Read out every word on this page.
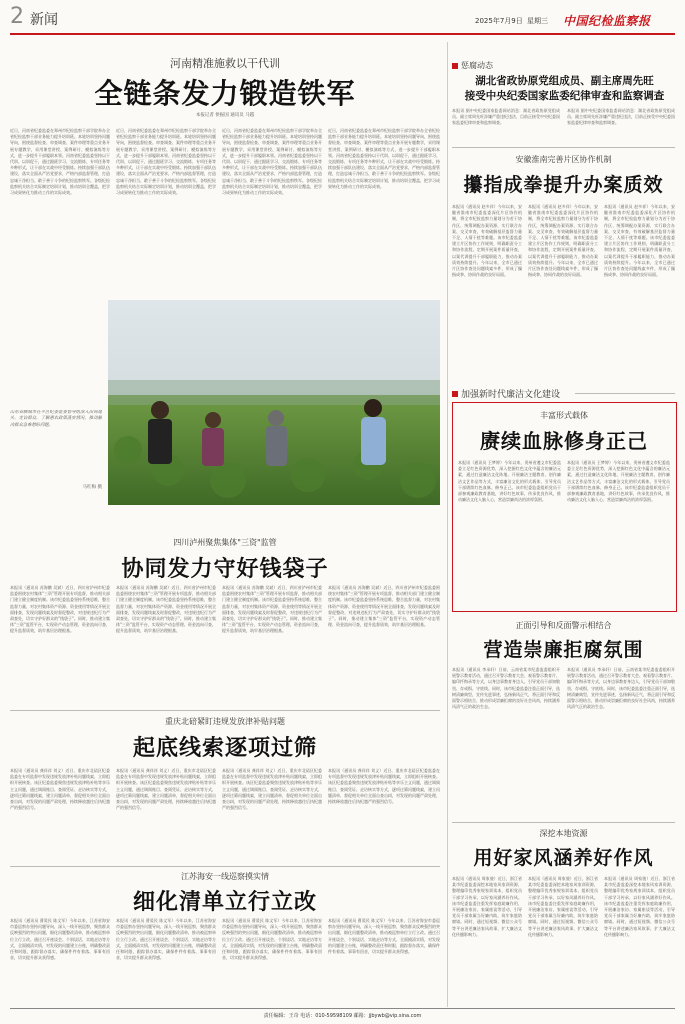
2 新闻	2025年7月9日 星期三 中国纪检监察报
河南精准施救以干代训
全链条发力锻造铁军
本报记者 侯振国 通讯员 马越
近日，河南省纪委监委在郑州市纪检监察干部学院举办全省纪检监察干部业务能力提升培训班。本轮培训坚持问题导向，围绕监督检查、审查调查、案件审理等重点业务开展专题教学，采用课堂讲授、案例研讨、模拟演练等方式，进一步提升干部履职本领。河南省纪委监委坚持以干代训、以训促干，通过跟班学习、交流锻炼、专项任务等多种形式，让干部在实战中经受锻炼。持续加强干部队伍建设，落实全面从严治党要求，严格内部监督管理，打造忠诚干净担当、敢于善于斗争的纪检监察铁军。各级纪检监察机关结合实际制定培训计划，推动培训全覆盖，把学习成果转化为推动工作的实际成效。
近日，河南省纪委监委在郑州市纪检监察干部学院举办全省纪检监察干部业务能力提升培训班。本轮培训坚持问题导向，围绕监督检查、审查调查、案件审理等重点业务开展专题教学，采用课堂讲授、案例研讨、模拟演练等方式，进一步提升干部履职本领。河南省纪委监委坚持以干代训、以训促干，通过跟班学习、交流锻炼、专项任务等多种形式，让干部在实战中经受锻炼。持续加强干部队伍建设，落实全面从严治党要求，严格内部监督管理，打造忠诚干净担当、敢于善于斗争的纪检监察铁军。各级纪检监察机关结合实际制定培训计划，推动培训全覆盖，把学习成果转化为推动工作的实际成效。
近日，河南省纪委监委在郑州市纪检监察干部学院举办全省纪检监察干部业务能力提升培训班。本轮培训坚持问题导向，围绕监督检查、审查调查、案件审理等重点业务开展专题教学，采用课堂讲授、案例研讨、模拟演练等方式，进一步提升干部履职本领。河南省纪委监委坚持以干代训、以训促干，通过跟班学习、交流锻炼、专项任务等多种形式，让干部在实战中经受锻炼。持续加强干部队伍建设，落实全面从严治党要求，严格内部监督管理，打造忠诚干净担当、敢于善于斗争的纪检监察铁军。各级纪检监察机关结合实际制定培训计划，推动培训全覆盖，把学习成果转化为推动工作的实际成效。
近日，河南省纪委监委在郑州市纪检监察干部学院举办全省纪检监察干部业务能力提升培训班。本轮培训坚持问题导向，围绕监督检查、审查调查、案件审理等重点业务开展专题教学，采用课堂讲授、案例研讨、模拟演练等方式，进一步提升干部履职本领。河南省纪委监委坚持以干代训、以训促干，通过跟班学习、交流锻炼、专项任务等多种形式，让干部在实战中经受锻炼。持续加强干部队伍建设，落实全面从严治党要求，严格内部监督管理，打造忠诚干净担当、敢于善于斗争的纪检监察铁军。各级纪检监察机关结合实际制定培训计划，推动培训全覆盖，把学习成果转化为推动工作的实际成效。
山东省聊城市茌平区纪委监委督导组深入田间地头，走访群众，了解惠农政策落实情况，推动解决群众急难愁盼问题。
马红梅 摄
四川泸州聚焦集体"三资"监管
协同发力守好钱袋子
本报讯（通讯员 苏海鹏 吴斌）近日，四川省泸州市纪委监委围绕农村集体"三资"管理开展专项监督，推动相关部门建立健全制度机制。该市纪委监委坚持系统思维，整合监督力量，对农村集体资产资源、资金使用等情况开展全面排查，发现问题线索及时督促整改，对违规违纪行为严肃查处，切实守护好群众的"钱袋子"。同时，推动建立集体"三资"监管平台，实现资产动态管理、资金流向可查，提升监督质效，筑牢基层治理根基。
本报讯（通讯员 苏海鹏 吴斌）近日，四川省泸州市纪委监委围绕农村集体"三资"管理开展专项监督，推动相关部门建立健全制度机制。该市纪委监委坚持系统思维，整合监督力量，对农村集体资产资源、资金使用等情况开展全面排查，发现问题线索及时督促整改，对违规违纪行为严肃查处，切实守护好群众的"钱袋子"。同时，推动建立集体"三资"监管平台，实现资产动态管理、资金流向可查，提升监督质效，筑牢基层治理根基。
本报讯（通讯员 苏海鹏 吴斌）近日，四川省泸州市纪委监委围绕农村集体"三资"管理开展专项监督，推动相关部门建立健全制度机制。该市纪委监委坚持系统思维，整合监督力量，对农村集体资产资源、资金使用等情况开展全面排查，发现问题线索及时督促整改，对违规违纪行为严肃查处，切实守护好群众的"钱袋子"。同时，推动建立集体"三资"监管平台，实现资产动态管理、资金流向可查，提升监督质效，筑牢基层治理根基。
本报讯（通讯员 苏海鹏 吴斌）近日，四川省泸州市纪委监委围绕农村集体"三资"管理开展专项监督，推动相关部门建立健全制度机制。该市纪委监委坚持系统思维，整合监督力量，对农村集体资产资源、资金使用等情况开展全面排查，发现问题线索及时督促整改，对违规违纪行为严肃查处，切实守护好群众的"钱袋子"。同时，推动建立集体"三资"监管平台，实现资产动态管理、资金流向可查，提升监督质效，筑牢基层治理根基。
重庆北碚紧盯违规发放津补贴问题
起底线索逐项过筛
本报讯（通讯员 龚祥祥 刘义）近日，重庆市北碚区纪委监委在专项监督中发现违规发放津补贴问题线索，立即组织开展核查。该区纪委监委聚焦违规发放津贴补贴等享乐主义问题，通过调阅账目、查阅凭证、走访核实等方式，逐项过筛问题线索，建立问题清单，督促相关单位全面自查自纠，对发现的问题严肃处理，持续释放越往后执纪越严的强烈信号。
本报讯（通讯员 龚祥祥 刘义）近日，重庆市北碚区纪委监委在专项监督中发现违规发放津补贴问题线索，立即组织开展核查。该区纪委监委聚焦违规发放津贴补贴等享乐主义问题，通过调阅账目、查阅凭证、走访核实等方式，逐项过筛问题线索，建立问题清单，督促相关单位全面自查自纠，对发现的问题严肃处理，持续释放越往后执纪越严的强烈信号。
本报讯（通讯员 龚祥祥 刘义）近日，重庆市北碚区纪委监委在专项监督中发现违规发放津补贴问题线索，立即组织开展核查。该区纪委监委聚焦违规发放津贴补贴等享乐主义问题，通过调阅账目、查阅凭证、走访核实等方式，逐项过筛问题线索，建立问题清单，督促相关单位全面自查自纠，对发现的问题严肃处理，持续释放越往后执纪越严的强烈信号。
本报讯（通讯员 龚祥祥 刘义）近日，重庆市北碚区纪委监委在专项监督中发现违规发放津补贴问题线索，立即组织开展核查。该区纪委监委聚焦违规发放津贴补贴等享乐主义问题，通过调阅账目、查阅凭证、走访核实等方式，逐项过筛问题线索，建立问题清单，督促相关单位全面自查自纠，对发现的问题严肃处理，持续释放越往后执纪越严的强烈信号。
江苏海安一线巡察摸实情
细化清单立行立改
本报讯（通讯员 曹爱民 陈文军）今年以来，江苏省海安市委巡察办坚持问题导向，深入一线开展巡察，聚焦群众反映强烈的突出问题，细化问题整改清单，推动被巡察单位立行立改。通过召开座谈会、个别谈话、实地走访等方式，全面摸清实情，对发现的问题建立台账，明确整改责任和时限，跟踪督办落实，确保件件有着落、事事有回音，切实提升群众获得感。
本报讯（通讯员 曹爱民 陈文军）今年以来，江苏省海安市委巡察办坚持问题导向，深入一线开展巡察，聚焦群众反映强烈的突出问题，细化问题整改清单，推动被巡察单位立行立改。通过召开座谈会、个别谈话、实地走访等方式，全面摸清实情，对发现的问题建立台账，明确整改责任和时限，跟踪督办落实，确保件件有着落、事事有回音，切实提升群众获得感。
本报讯（通讯员 曹爱民 陈文军）今年以来，江苏省海安市委巡察办坚持问题导向，深入一线开展巡察，聚焦群众反映强烈的突出问题，细化问题整改清单，推动被巡察单位立行立改。通过召开座谈会、个别谈话、实地走访等方式，全面摸清实情，对发现的问题建立台账，明确整改责任和时限，跟踪督办落实，确保件件有着落、事事有回音，切实提升群众获得感。
本报讯（通讯员 曹爱民 陈文军）今年以来，江苏省海安市委巡察办坚持问题导向，深入一线开展巡察，聚焦群众反映强烈的突出问题，细化问题整改清单，推动被巡察单位立行立改。通过召开座谈会、个别谈话、实地走访等方式，全面摸清实情，对发现的问题建立台账，明确整改责任和时限，跟踪督办落实，确保件件有着落、事事有回音，切实提升群众获得感。
惩腐动态
湖北省政协原党组成员、副主席周先旺
接受中央纪委国家监委纪律审查和监察调查
本报讯 据中央纪委国家监委网站消息：湖北省政协原党组成员、副主席周先旺涉嫌严重违纪违法，目前正接受中央纪委国家监委纪律审查和监察调查。
本报讯 据中央纪委国家监委网站消息：湖北省政协原党组成员、副主席周先旺涉嫌严重违纪违法，目前正接受中央纪委国家监委纪律审查和监察调查。
安徽淮南完善片区协作机制
攥指成拳提升办案质效
本报讯（通讯员 赵多祥）今年以来，安徽省淮南市纪委监委深化片区协作机制，将全市纪检监察力量划分为若干协作区，统筹调配办案资源，实行联合办案、交叉审查，有效破解基层监督力量不足、人情干扰等难题。该市纪委监委建立片区协作工作规则，明确职责分工和协作流程，定期开展案件质量评查，以案代训提升干部履职能力，推动办案质效持续提升。今年以来，全市已通过片区协作查处问题线索多件，形成了攥指成拳、协同作战的良好局面。
本报讯（通讯员 赵多祥）今年以来，安徽省淮南市纪委监委深化片区协作机制，将全市纪检监察力量划分为若干协作区，统筹调配办案资源，实行联合办案、交叉审查，有效破解基层监督力量不足、人情干扰等难题。该市纪委监委建立片区协作工作规则，明确职责分工和协作流程，定期开展案件质量评查，以案代训提升干部履职能力，推动办案质效持续提升。今年以来，全市已通过片区协作查处问题线索多件，形成了攥指成拳、协同作战的良好局面。
本报讯（通讯员 赵多祥）今年以来，安徽省淮南市纪委监委深化片区协作机制，将全市纪检监察力量划分为若干协作区，统筹调配办案资源，实行联合办案、交叉审查，有效破解基层监督力量不足、人情干扰等难题。该市纪委监委建立片区协作工作规则，明确职责分工和协作流程，定期开展案件质量评查，以案代训提升干部履职能力，推动办案质效持续提升。今年以来，全市已通过片区协作查处问题线索多件，形成了攥指成拳、协同作战的良好局面。
加强新时代廉洁文化建设
丰富形式载体
赓续血脉修身正己
本报讯（通讯员 王梦婷）今年以来，贵州省遵义市纪委监委立足红色资源优势，深入挖掘红色文化中蕴含的廉洁元素，通过打造廉洁文化阵地、开展廉洁主题教育、创作廉洁文艺作品等方式，丰富廉洁文化的形式载体，引导党员干部赓续红色血脉、修身正己。该市纪委监委组织党员干部参观廉政教育基地，讲好红色故事，传承优良作风，推动廉洁文化入脑入心，营造崇廉尚洁的浓厚氛围。
本报讯（通讯员 王梦婷）今年以来，贵州省遵义市纪委监委立足红色资源优势，深入挖掘红色文化中蕴含的廉洁元素，通过打造廉洁文化阵地、开展廉洁主题教育、创作廉洁文艺作品等方式，丰富廉洁文化的形式载体，引导党员干部赓续红色血脉、修身正己。该市纪委监委组织党员干部参观廉政教育基地，讲好红色故事，传承优良作风，推动廉洁文化入脑入心，营造崇廉尚洁的浓厚氛围。
正面引导和反面警示相结合
营造崇廉拒腐氛围
本报讯（通讯员 李承轩）日前，云南省某市纪委监委组织开展警示教育活动，通过召开警示教育大会、观看警示教育片、编印忏悔录等方式，以身边事教育身边人，引导党员干部知敬畏、存戒惧、守底线。同时，该市纪委监委注重正面引导，选树清廉典型，宣传先进事迹，弘扬新风正气，将正面引导和反面警示相结合，推动形成崇廉拒腐的良好社会风尚，持续涵养风清气正的政治生态。
本报讯（通讯员 李承轩）日前，云南省某市纪委监委组织开展警示教育活动，通过召开警示教育大会、观看警示教育片、编印忏悔录等方式，以身边事教育身边人，引导党员干部知敬畏、存戒惧、守底线。同时，该市纪委监委注重正面引导，选树清廉典型，宣传先进事迹，弘扬新风正气，将正面引导和反面警示相结合，推动形成崇廉拒腐的良好社会风尚，持续涵养风清气正的政治生态。
深挖本地资源
用好家风涵养好作风
本报讯（通讯员 周家骏）近日，浙江省某市纪委监委深挖本地家风家训资源，整理编印优秀家规家训读本，组织党员干部学习传承，以好家风涵养好作风。该市纪委监委注重发挥家庭助廉作用，开展廉洁家访、家属座谈等活动，引导党员干部家属当好廉内助，筑牢家庭防腐墙。同时，通过短视频、微信公众号等平台讲述廉洁家风故事，扩大廉洁文化传播影响力。
本报讯（通讯员 周家骏）近日，浙江省某市纪委监委深挖本地家风家训资源，整理编印优秀家规家训读本，组织党员干部学习传承，以好家风涵养好作风。该市纪委监委注重发挥家庭助廉作用，开展廉洁家访、家属座谈等活动，引导党员干部家属当好廉内助，筑牢家庭防腐墙。同时，通过短视频、微信公众号等平台讲述廉洁家风故事，扩大廉洁文化传播影响力。
本报讯（通讯员 周家骏）近日，浙江省某市纪委监委深挖本地家风家训资源，整理编印优秀家规家训读本，组织党员干部学习传承，以好家风涵养好作风。该市纪委监委注重发挥家庭助廉作用，开展廉洁家访、家属座谈等活动，引导党员干部家属当好廉内助，筑牢家庭防腐墙。同时，通过短视频、微信公众号等平台讲述廉洁家风故事，扩大廉洁文化传播影响力。
责任编辑：王奇 电话：010-59598109 邮箱：jjbywb@vip.sina.com
